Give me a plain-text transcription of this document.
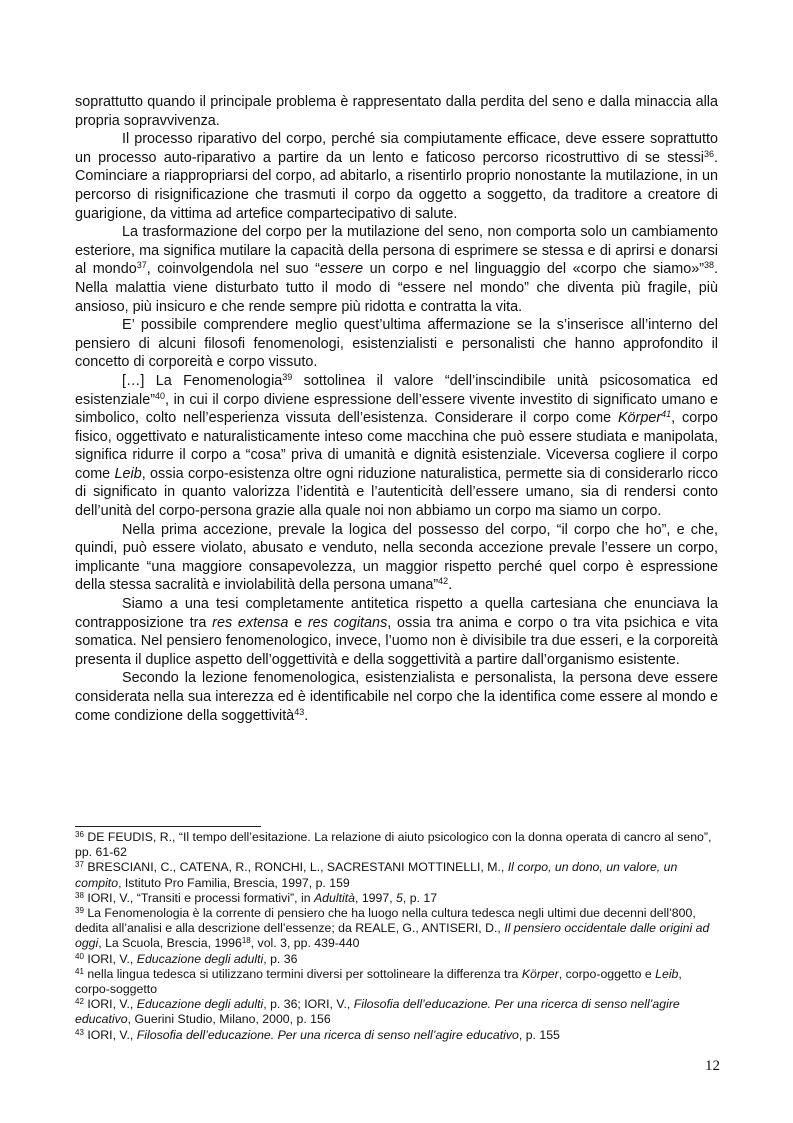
soprattutto quando il principale problema è rappresentato dalla perdita del seno e dalla minaccia alla propria sopravvivenza.

Il processo riparativo del corpo, perché sia compiutamente efficace, deve essere soprattutto un processo auto-riparativo a partire da un lento e faticoso percorso ricostruttivo di se stessi$^{36}$. Cominciare a riappropriarsi del corpo, ad abitarlo, a risentirlo proprio nonostante la mutilazione, in un percorso di risignificazione che trasmuti il corpo da oggetto a soggetto, da traditore a creatore di guarigione, da vittima ad artefice compartecipativo di salute.

La trasformazione del corpo per la mutilazione del seno, non comporta solo un cambiamento esteriore, ma significa mutilare la capacità della persona di esprimere se stessa e di aprirsi e donarsi al mondo$^{37}$, coinvolgendola nel suo “essere un corpo e nel linguaggio del «corpo che siamo»”$^{38}$. Nella malattia viene disturbato tutto il modo di “essere nel mondo” che diventa più fragile, più ansioso, più insicuro e che rende sempre più ridotta e contratta la vita.

E’ possibile comprendere meglio quest’ultima affermazione se la s’inserisce all’interno del pensiero di alcuni filosofi fenomenologi, esistenzialisti e personalisti che hanno approfondito il concetto di corporeità e corpo vissuto.

[…] La Fenomenologia$^{39}$ sottolinea il valore “dell’inscindibile unità psicosomatica ed esistenziale”$^{40}$, in cui il corpo diviene espressione dell’essere vivente investito di significato umano e simbolico, colto nell’esperienza vissuta dell’esistenza. Considerare il corpo come Körper$^{41}$, corpo fisico, oggettivato e naturalisticamente inteso come macchina che può essere studiata e manipolata, significa ridurre il corpo a “cosa” priva di umanità e dignità esistenziale. Viceversa cogliere il corpo come Leib, ossia corpo-esistenza oltre ogni riduzione naturalistica, permette sia di considerarlo ricco di significato in quanto valorizza l’identità e l’autenticità dell’essere umano, sia di rendersi conto dell’unità del corpo-persona grazie alla quale noi non abbiamo un corpo ma siamo un corpo.

Nella prima accezione, prevale la logica del possesso del corpo, “il corpo che ho”, e che, quindi, può essere violato, abusato e venduto, nella seconda accezione prevale l’essere un corpo, implicante “una maggiore consapevolezza, un maggior rispetto perché quel corpo è espressione della stessa sacralità e inviolabilità della persona umana”$^{42}$.

Siamo a una tesi completamente antitetica rispetto a quella cartesiana che enunciava la contrapposizione tra res extensa e res cogitans, ossia tra anima e corpo o tra vita psichica e vita somatica. Nel pensiero fenomenologico, invece, l’uomo non è divisibile tra due esseri, e la corporeità presenta il duplice aspetto dell’oggettività e della soggettività a partire dall’organismo esistente.

Secondo la lezione fenomenologica, esistenzialista e personalista, la persona deve essere considerata nella sua interezza ed è identificabile nel corpo che la identifica come essere al mondo e come condizione della soggettività$^{43}$.

$^{36}$ DE FEUDIS, R., “Il tempo dell’esitazione. La relazione di aiuto psicologico con la donna operata di cancro al seno”, pp. 61-62

$^{37}$ BRESCIANI, C., CATENA, R., RONCHI, L., SACRESTANI MOTTINELLI, M., Il corpo, un dono, un valore, un compito, Istituto Pro Familia, Brescia, 1997, p. 159

$^{38}$ IORI, V., “Transiti e processi formativi”, in Adultità, 1997, 5, p. 17

$^{39}$ La Fenomenologia è la corrente di pensiero che ha luogo nella cultura tedesca negli ultimi due decenni dell’800, dedita all’analisi e alla descrizione dell’essenze; da REALE, G., ANTISERI, D., Il pensiero occidentale dalle origini ad oggi, La Scuola, Brescia, 1996$^{18}$, vol. 3, pp. 439-440

$^{40}$ IORI, V., Educazione degli adulti, p. 36

$^{41}$ nella lingua tedesca si utilizzano termini diversi per sottolineare la differenza tra Körper, corpo-oggetto e Leib, corpo-soggetto

$^{42}$ IORI, V., Educazione degli adulti, p. 36; IORI, V., Filosofia dell’educazione. Per una ricerca di senso nell’agire educativo, Guerini Studio, Milano, 2000, p. 156

$^{43}$ IORI, V., Filosofia dell’educazione. Per una ricerca di senso nell’agire educativo, p. 155

12
